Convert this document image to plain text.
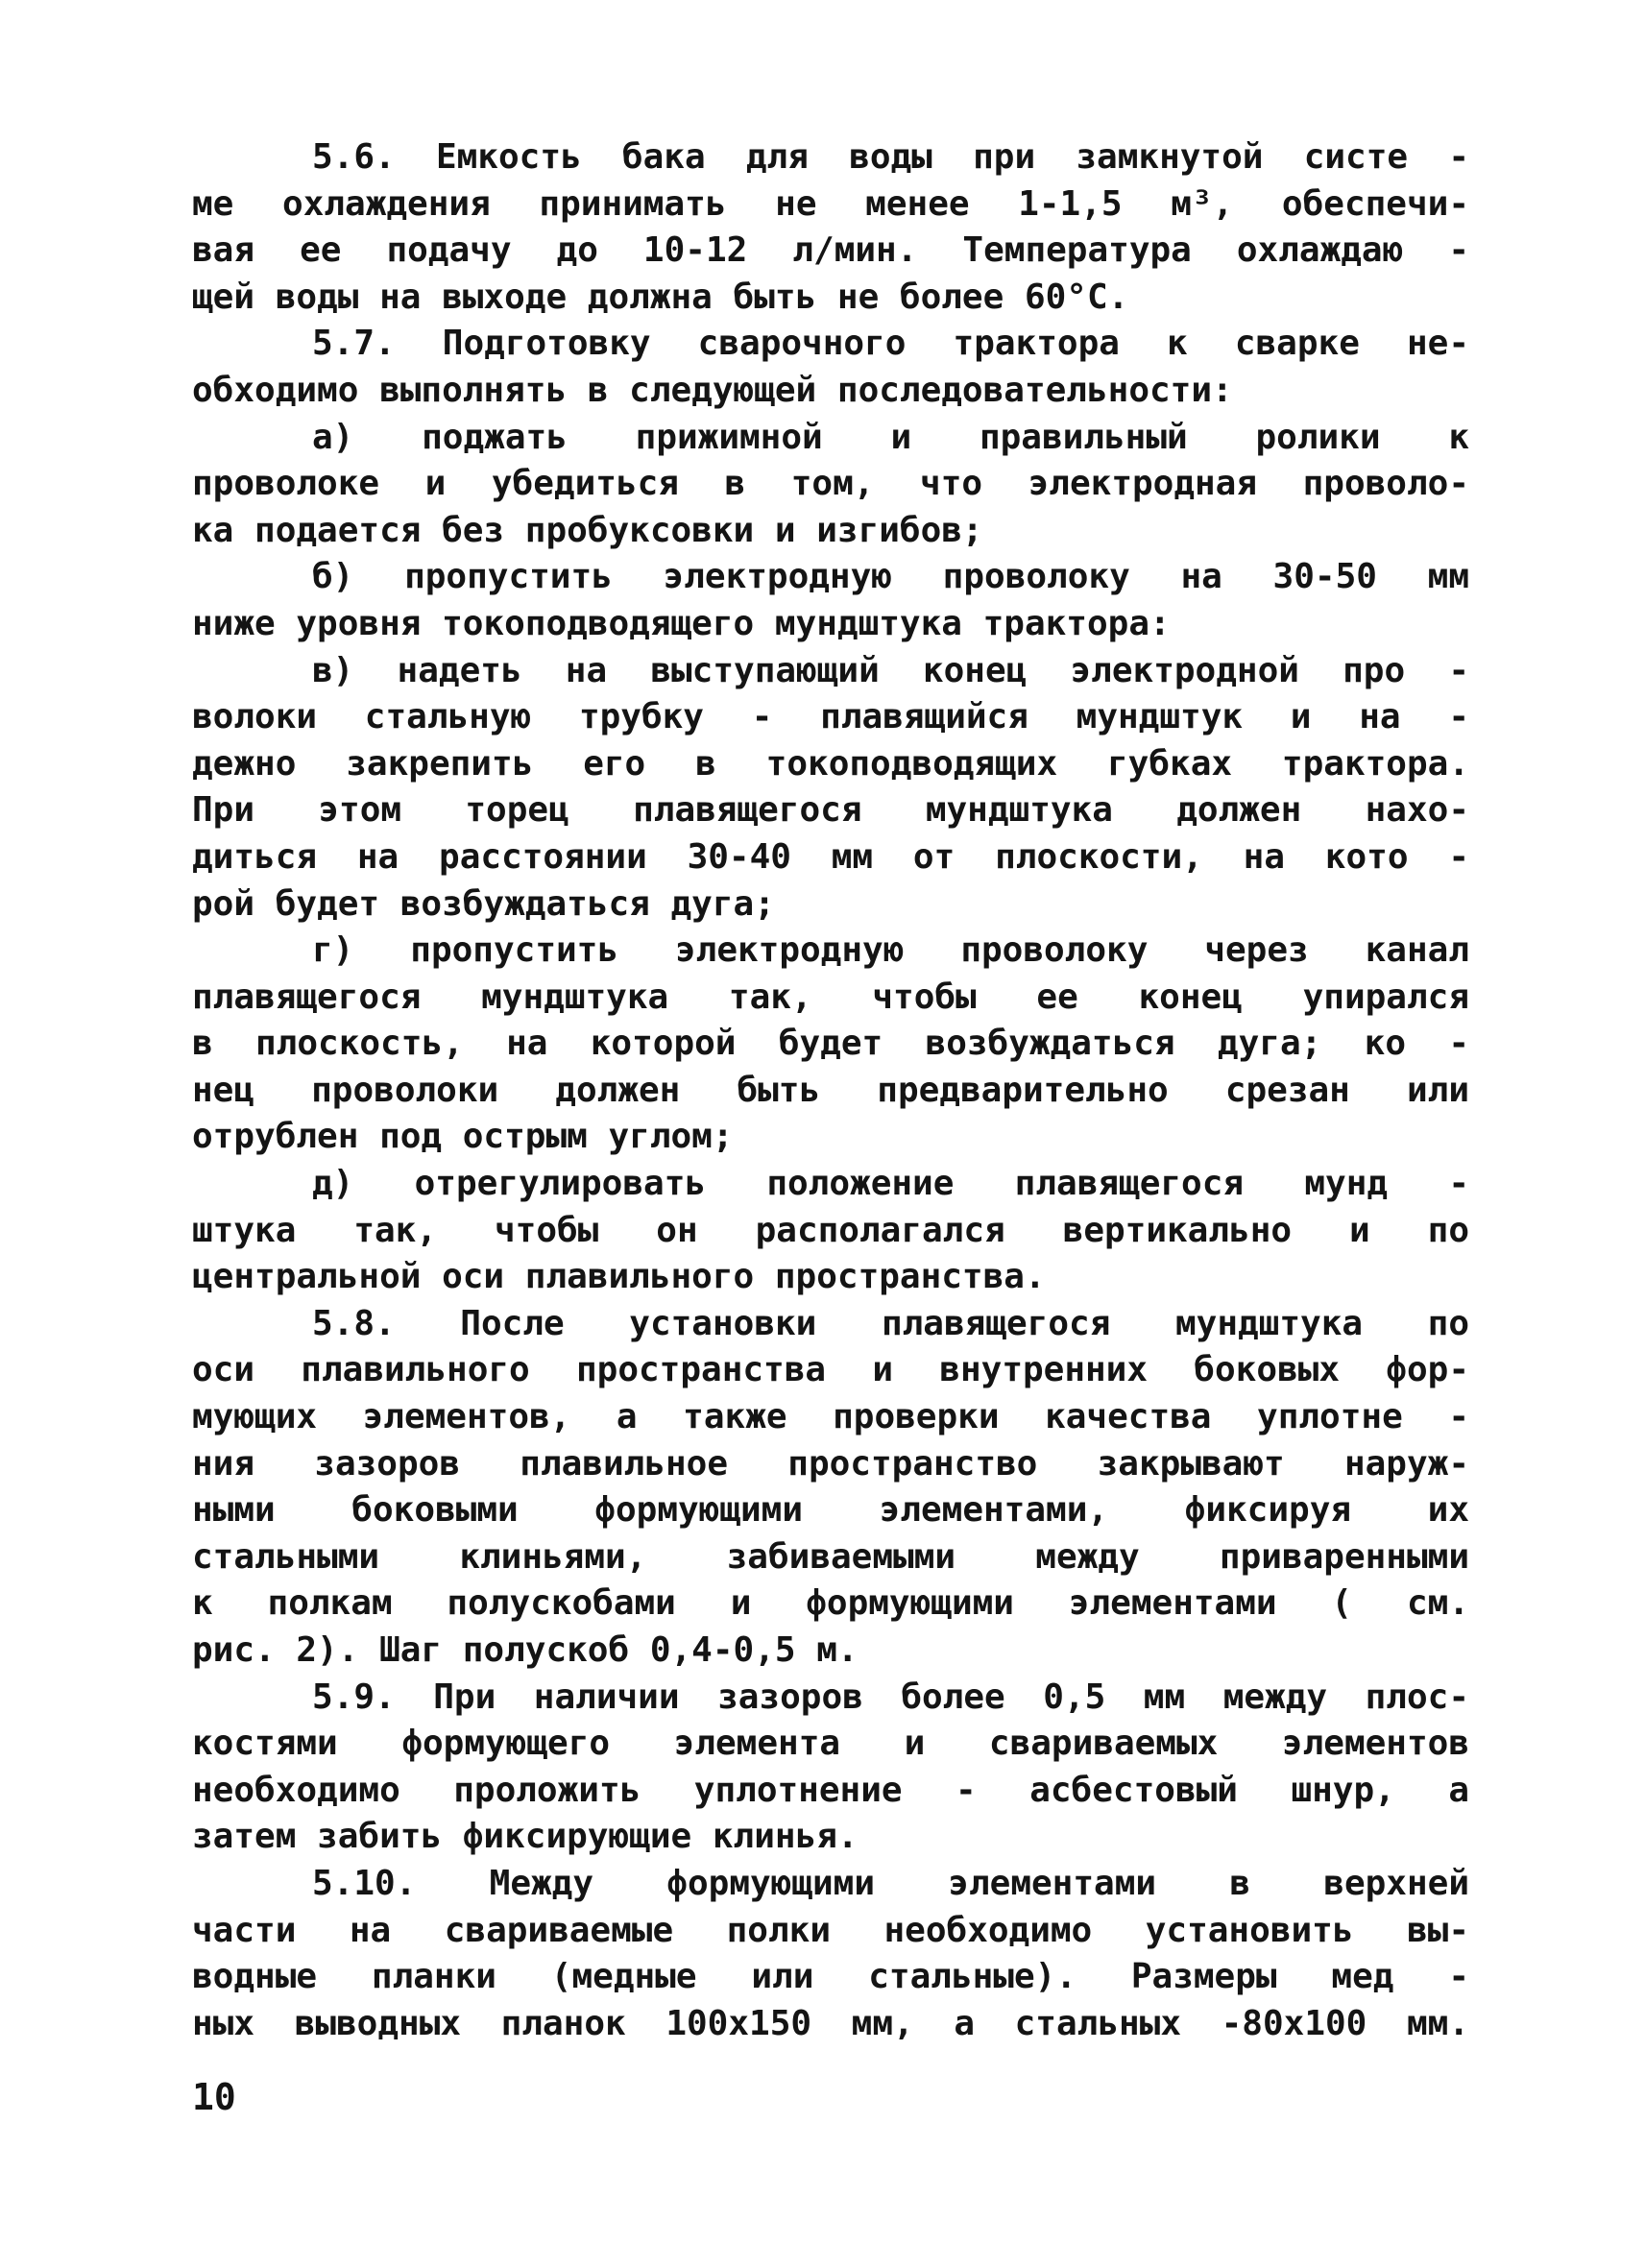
5.6. Емкость бака для воды при замкнутой систе -
ме охлаждения принимать не менее 1-1,5 м³, обеспечи-
вая ее подачу до 10-12 л/мин. Температура охлаждаю -
щей воды на выходе должна быть не более 60°С.
5.7. Подготовку сварочного трактора к сварке не-
обходимо выполнять в следующей последовательности:
а) поджать прижимной и правильный ролики к
проволоке и убедиться в том, что электродная проволо-
ка подается без пробуксовки и изгибов;
б) пропустить электродную проволоку на 30-50 мм
ниже уровня токоподводящего мундштука трактора:
в) надеть на выступающий конец электродной про -
волоки стальную трубку - плавящийся мундштук и на -
дежно закрепить его в токоподводящих губках трактора.
При этом торец плавящегося мундштука должен нахо-
диться на расстоянии 30-40 мм от плоскости, на кото -
рой будет возбуждаться дуга;
г) пропустить электродную проволоку через канал
плавящегося мундштука так, чтобы ее конец упирался
в плоскость, на которой будет возбуждаться дуга; ко -
нец проволоки должен быть предварительно срезан или
отрублен под острым углом;
д) отрегулировать положение плавящегося мунд -
штука так, чтобы он располагался вертикально и по
центральной оси плавильного пространства.
5.8. После установки плавящегося мундштука по
оси плавильного пространства и внутренних боковых фор-
мующих элементов, а также проверки качества уплотне -
ния зазоров плавильное пространство закрывают наруж-
ными боковыми формующими элементами, фиксируя их
стальными клиньями, забиваемыми между приваренными
к полкам полускобами и формующими элементами ( см.
рис. 2). Шаг полускоб 0,4-0,5 м.
5.9. При наличии зазоров более 0,5 мм между плос-
костями формующего элемента и свариваемых элементов
необходимо проложить уплотнение - асбестовый шнур, а
затем забить фиксирующие клинья.
5.10. Между формующими элементами в верхней
части на свариваемые полки необходимо установить вы-
водные планки (медные или стальные). Размеры мед -
ных выводных планок 100х150 мм, а стальных -80х100 мм.
10
